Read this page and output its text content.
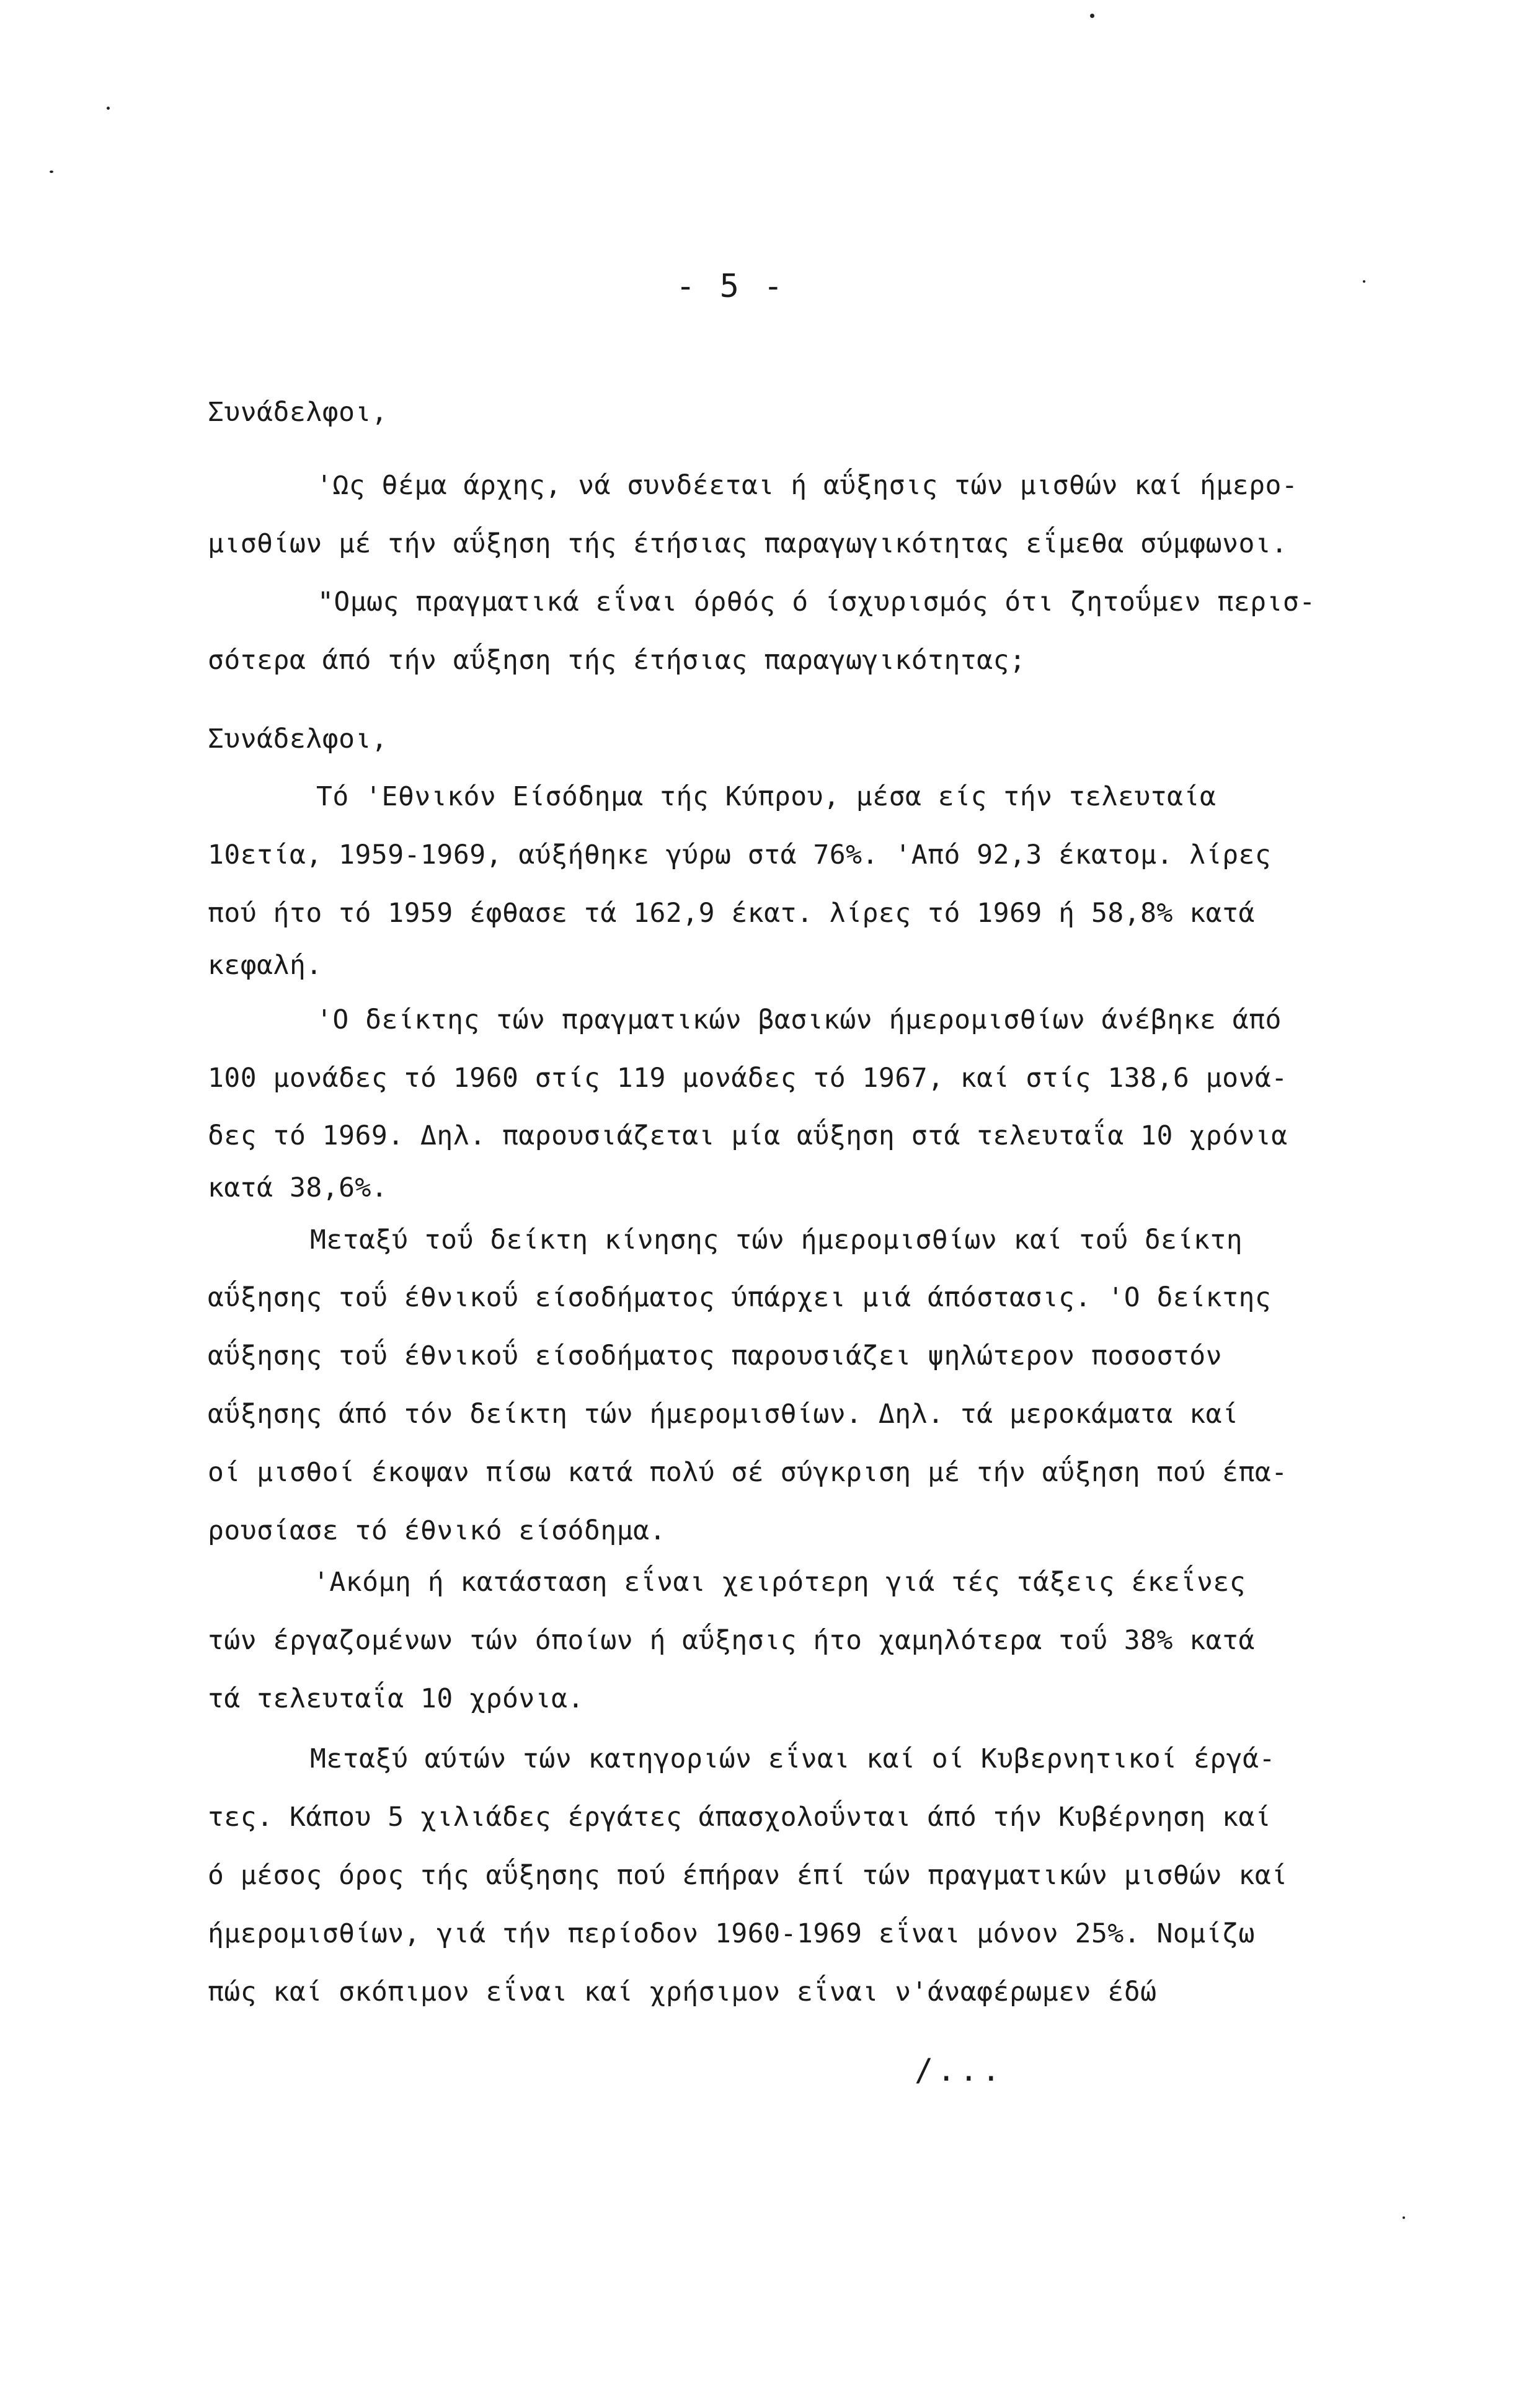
- 5 -
Συνάδελφοι,
'Ως θέμα άρχης, νά συνδέεται ή αΰξησις τών μισθών καί ήμερο-
μισθίων μέ τήν αΰξηση τής έτήσιας παραγωγικότητας εΐμεθα σύμφωνοι.
"Ομως πραγματικά εΐναι όρθός ό ίσχυρισμός ότι ζητοΰμεν περισ-
σότερα άπό τήν αΰξηση τής έτήσιας παραγωγικότητας;
Συνάδελφοι,
Τό 'Εθνικόν Είσόδημα τής Κύπρου, μέσα είς τήν τελευταία
10ετία, 1959-1969, αύξήθηκε γύρω στά 76%. 'Από 92,3 έκατομ. λίρες
πού ήτο τό 1959 έφθασε τά 162,9 έκατ. λίρες τό 1969 ή 58,8% κατά
κεφαλή.
'Ο δείκτης τών πραγματικών βασικών ήμερομισθίων άνέβηκε άπό
100 μονάδες τό 1960 στίς 119 μονάδες τό 1967, καί στίς 138,6 μονά-
δες τό 1969. Δηλ. παρουσιάζεται μία αΰξηση στά τελευταΐα 10 χρόνια
κατά 38,6%.
Μεταξύ τοΰ δείκτη κίνησης τών ήμερομισθίων καί τοΰ δείκτη
αΰξησης τοΰ έθνικοΰ είσοδήματος ύπάρχει μιά άπόστασις. 'Ο δείκτης
αΰξησης τοΰ έθνικοΰ είσοδήματος παρουσιάζει ψηλώτερον ποσοστόν
αΰξησης άπό τόν δείκτη τών ήμερομισθίων. Δηλ. τά μεροκάματα καί
οί μισθοί έκοψαν πίσω κατά πολύ σέ σύγκριση μέ τήν αΰξηση πού έπα-
ρουσίασε τό έθνικό είσόδημα.
'Ακόμη ή κατάσταση εΐναι χειρότερη γιά τές τάξεις έκεΐνες
τών έργαζομένων τών όποίων ή αΰξησις ήτο χαμηλότερα τοΰ 38% κατά
τά τελευταΐα 10 χρόνια.
Μεταξύ αύτών τών κατηγοριών εΐναι καί οί Κυβερνητικοί έργά-
τες. Κάπου 5 χιλιάδες έργάτες άπασχολοΰνται άπό τήν Κυβέρνηση καί
ό μέσος όρος τής αΰξησης πού έπήραν έπί τών πραγματικών μισθών καί
ήμερομισθίων, γιά τήν περίοδον 1960-1969 εΐναι μόνον 25%. Νομίζω
πώς καί σκόπιμον εΐναι καί χρήσιμον εΐναι ν'άναφέρωμεν έδώ
/...
